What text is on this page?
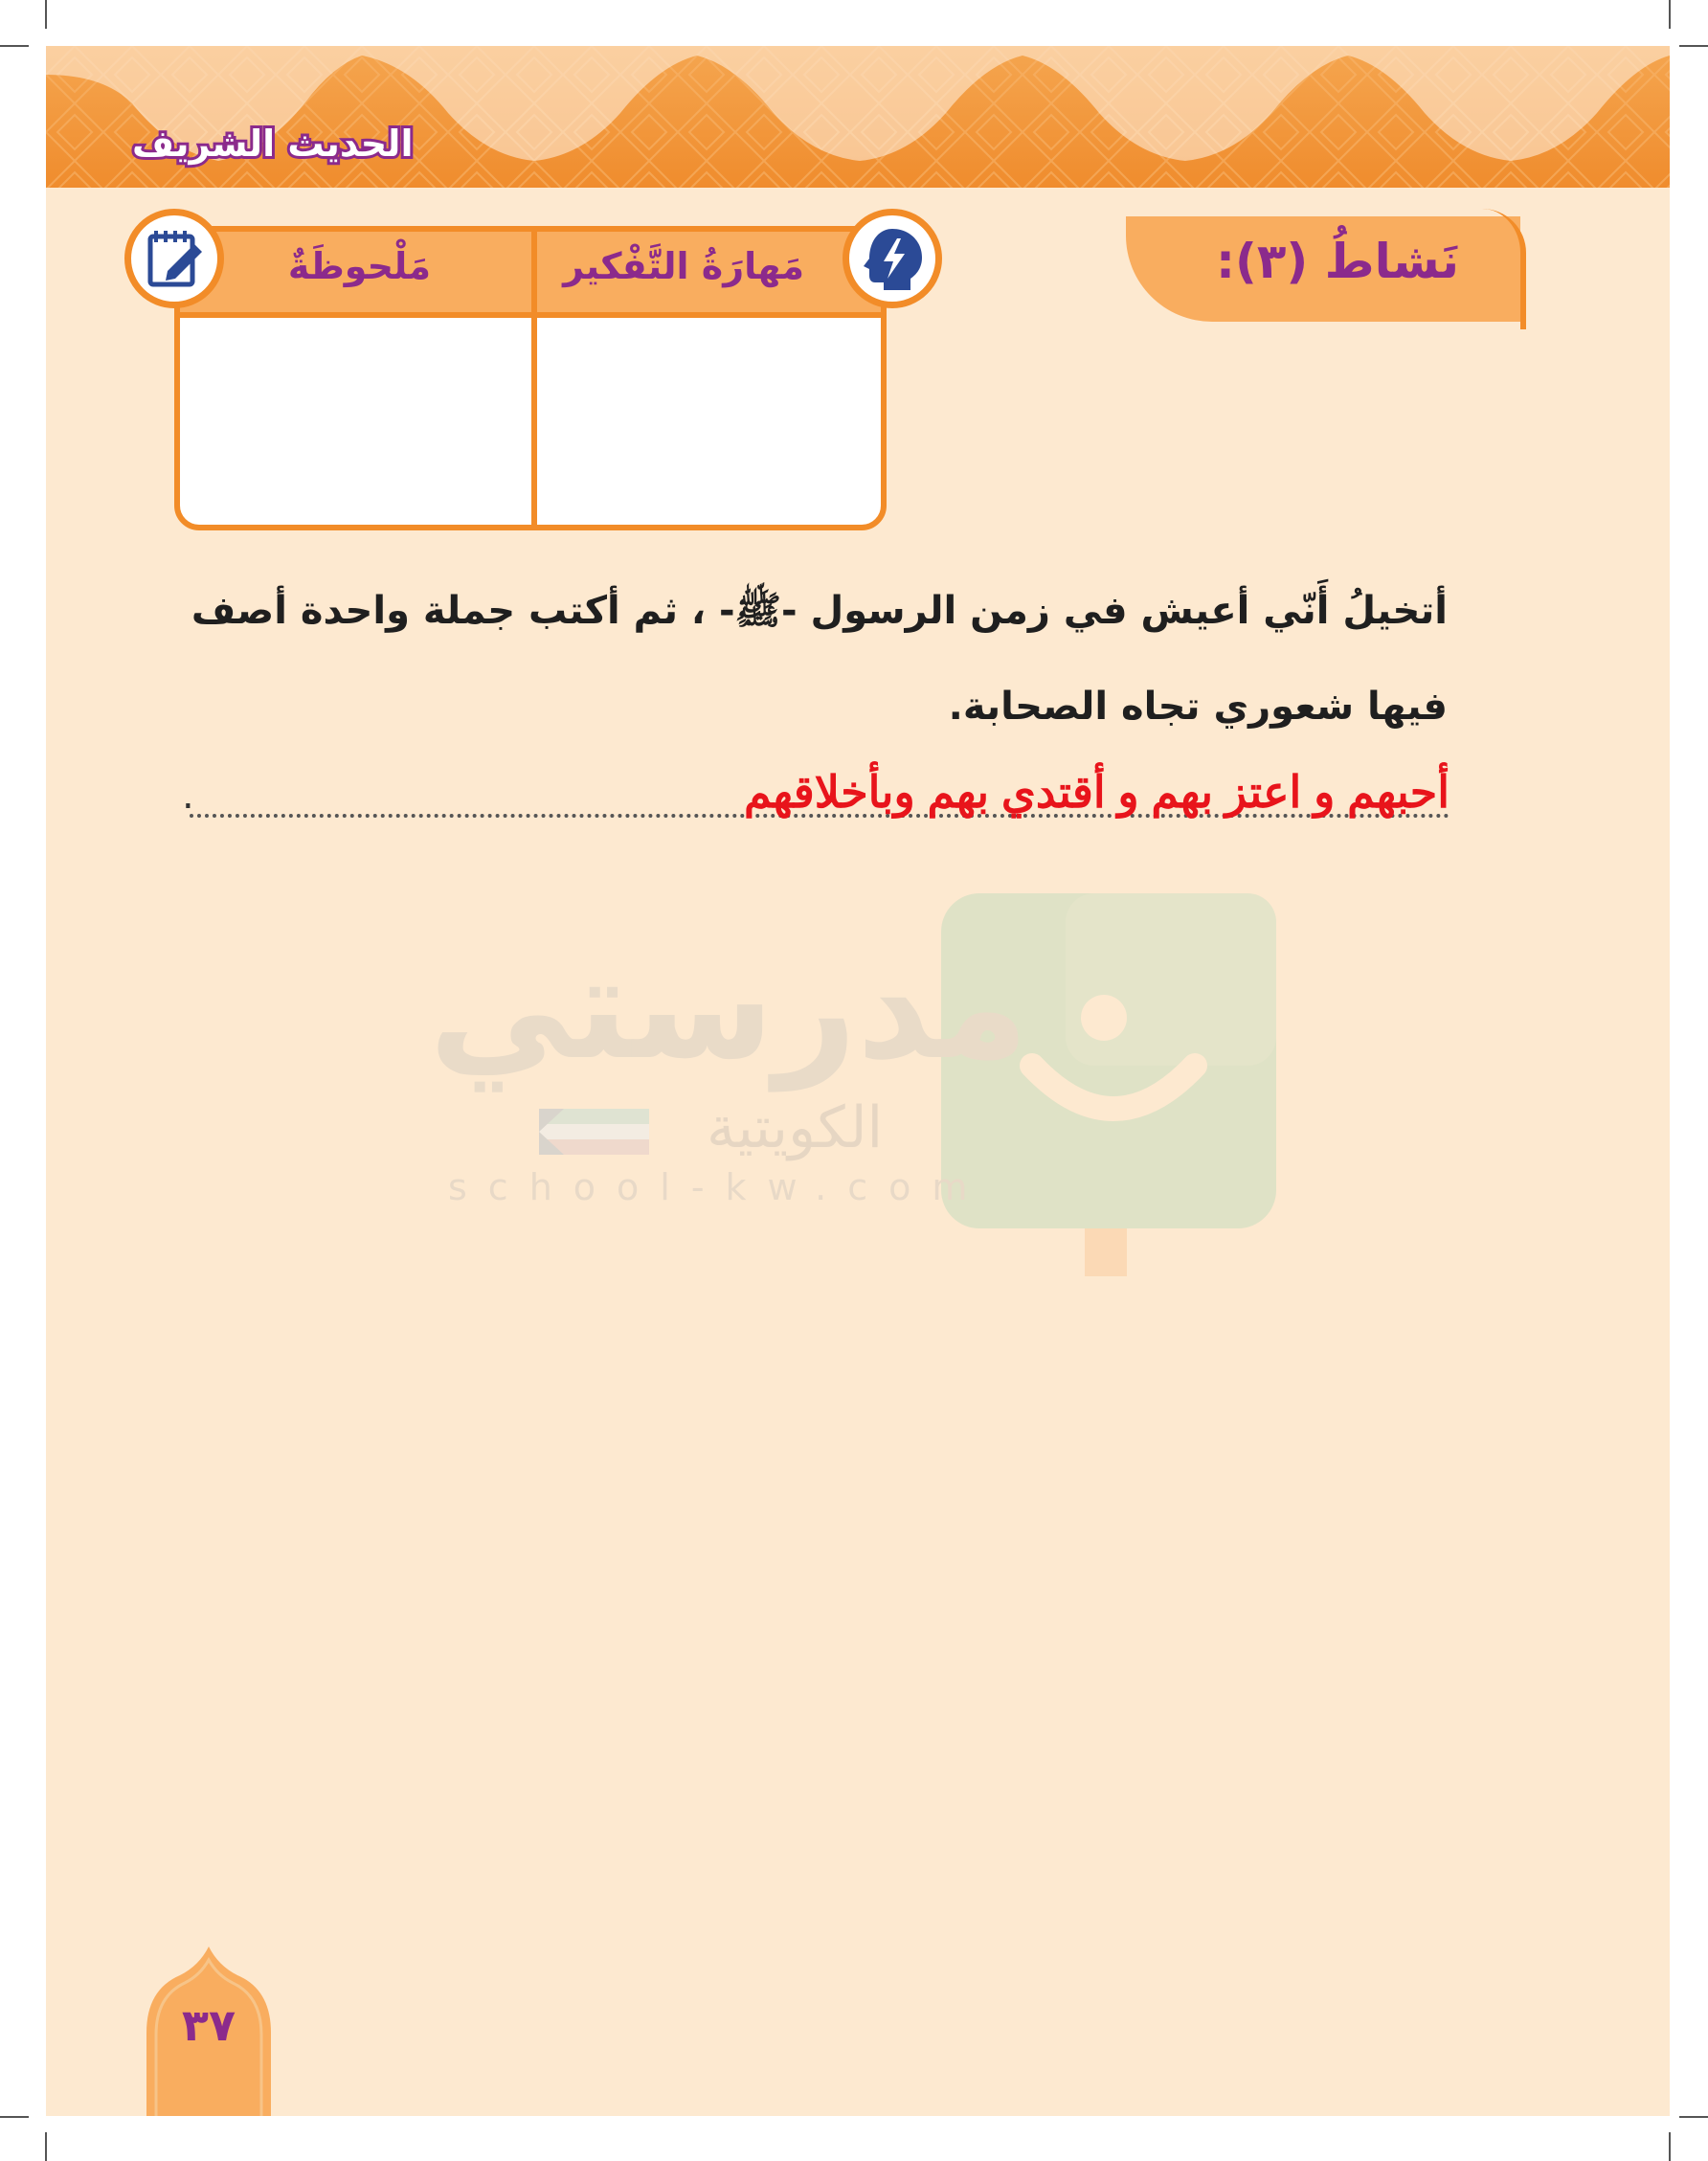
الحديث الشريف
نَشاطُ (٣):
مَهارَةُ التَّفْكير
مَلْحوظَةٌ
أتخيلُ أَنّي أعيش في زمن الرسول -ﷺ- ، ثم أكتب جملة واحدة أصف فيها شعوري تجاه الصحابة.
أحبهم و اعتز بهم و أقتدي بهم وبأخلاقهم
.
مدرستي
الكويتية
school-kw.com
٣٧
